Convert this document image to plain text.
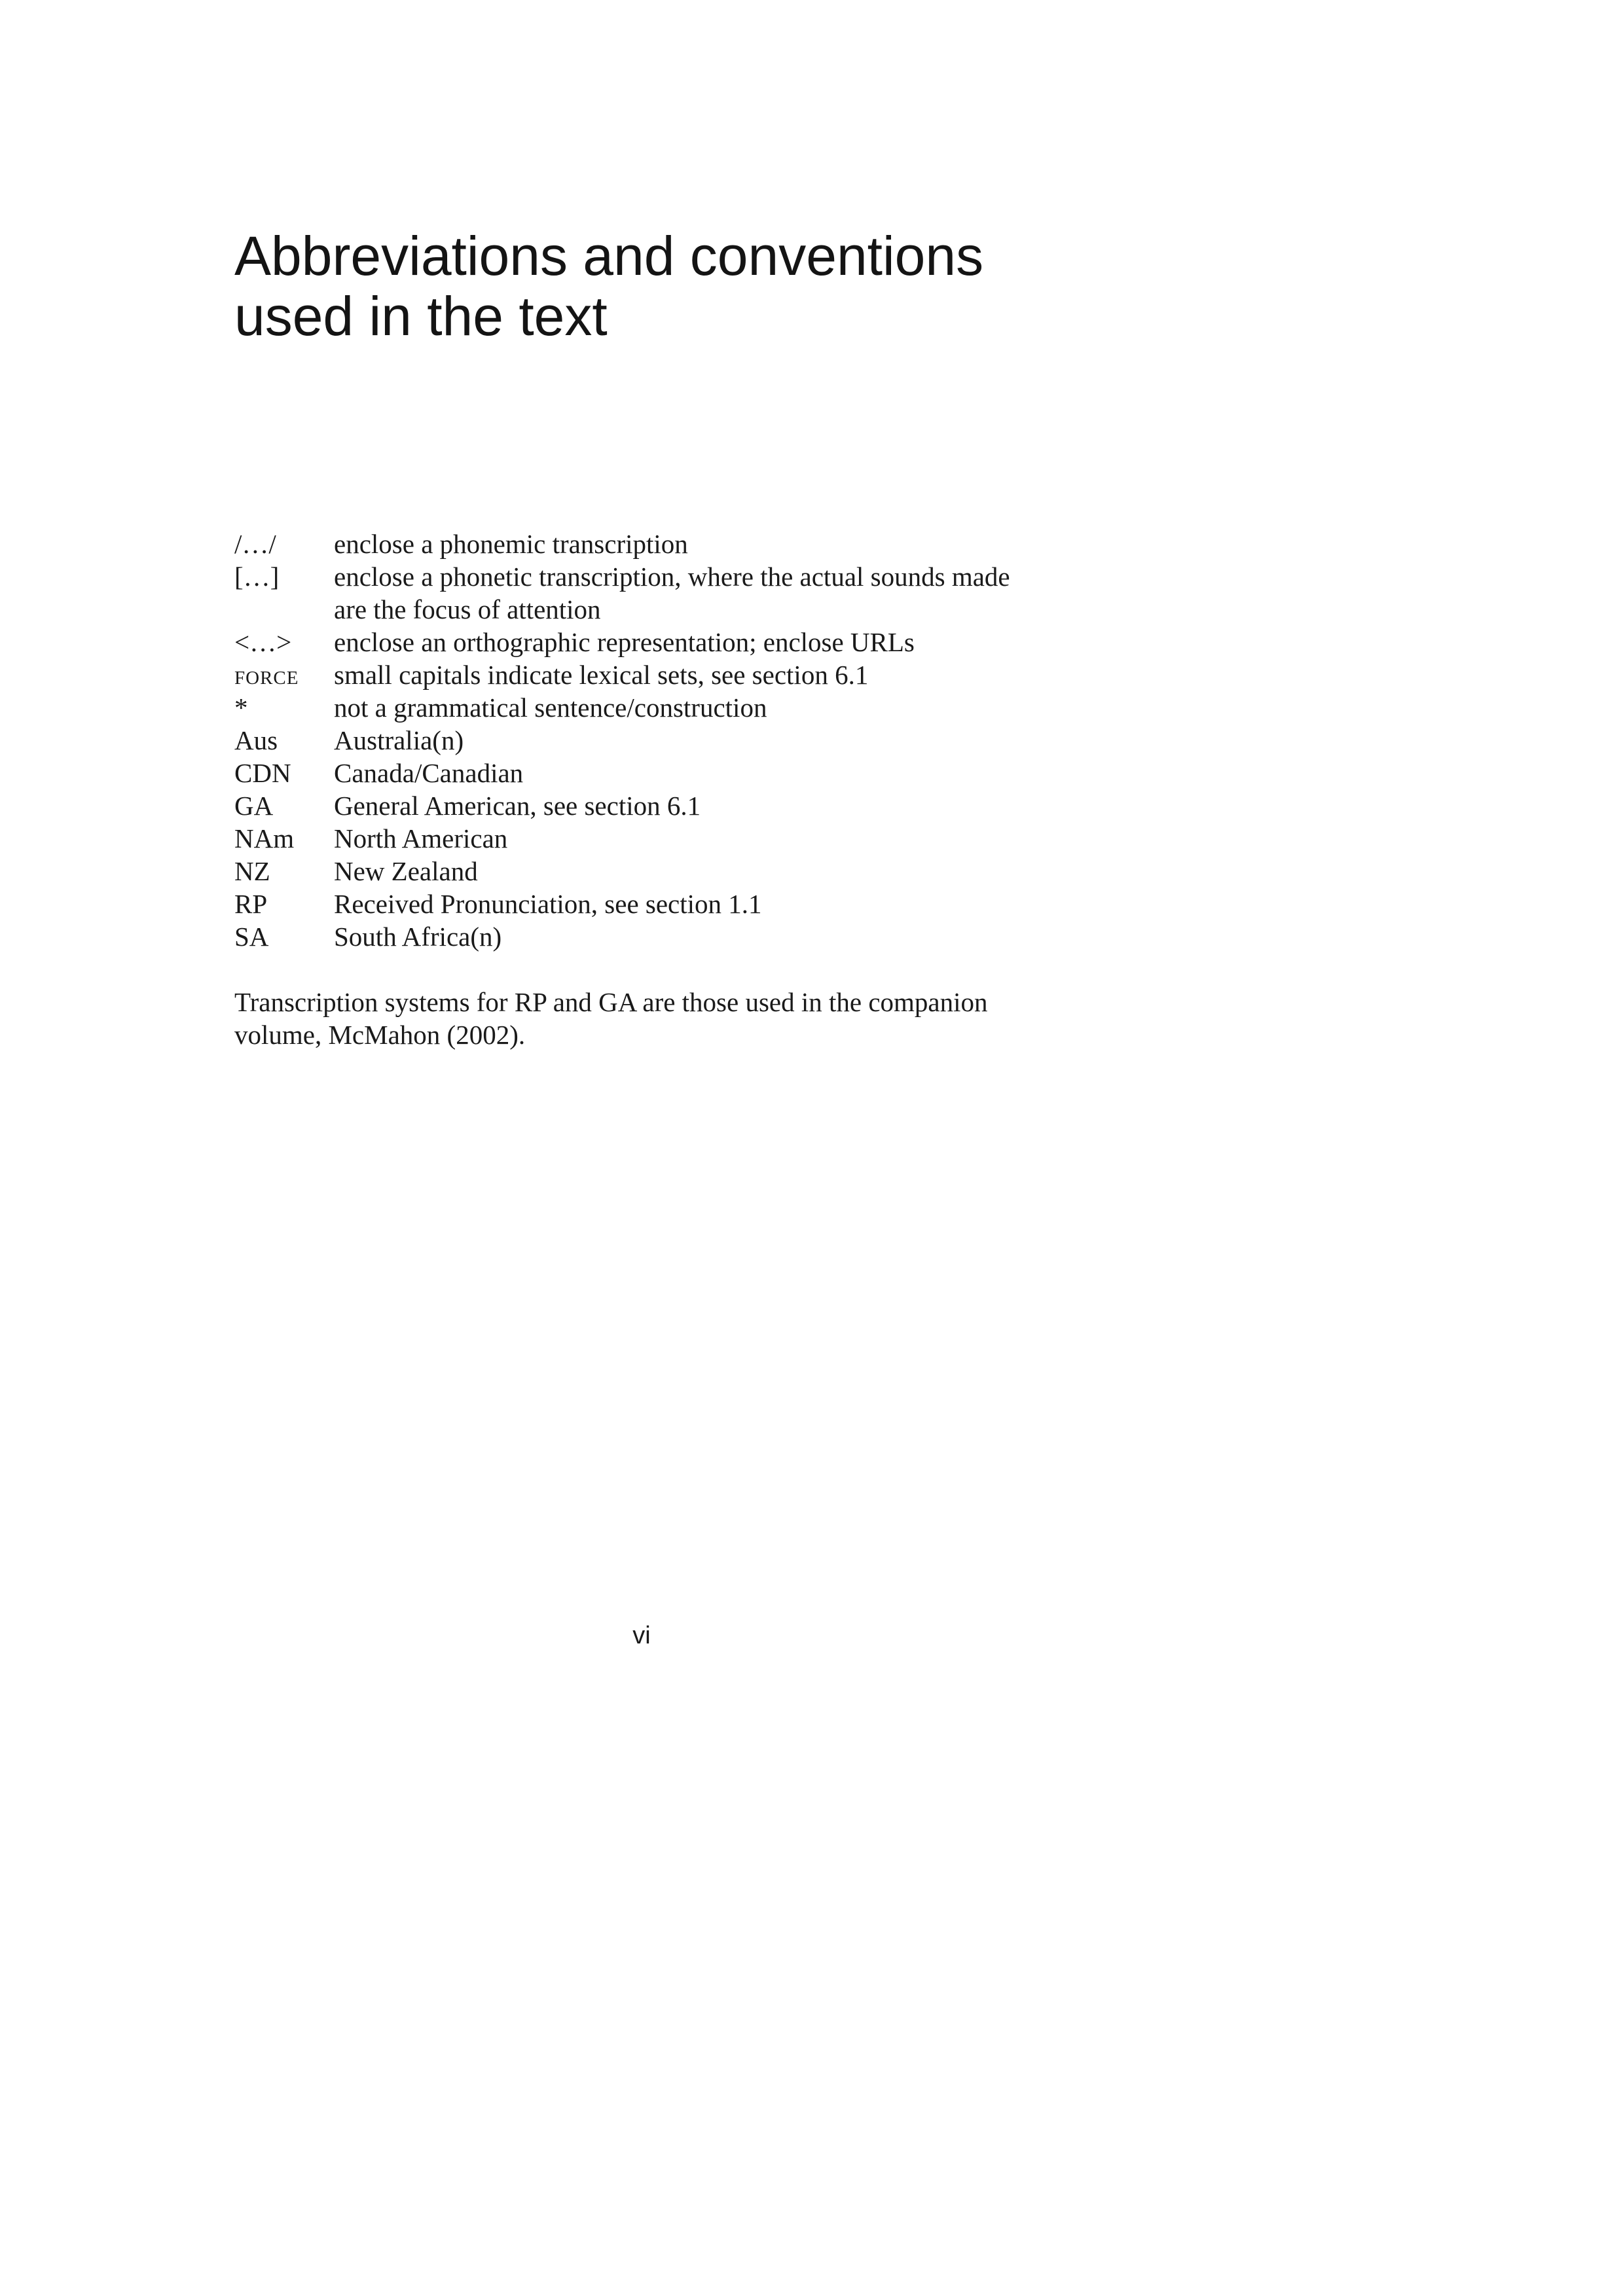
Abbreviations and conventions
used in the text
/…/	enclose a phonemic transcription
[…]	enclose a phonetic transcription, where the actual sounds made
are the focus of attention
<…>	enclose an orthographic representation; enclose URLs
force	small capitals indicate lexical sets, see section 6.1
*	not a grammatical sentence/construction
Aus	Australia(n)
CDN	Canada/Canadian
GA	General American, see section 6.1
NAm	North American
NZ	New Zealand
RP	Received Pronunciation, see section 1.1
SA	South Africa(n)

Transcription systems for RP and GA are those used in the companion
volume, McMahon (2002).

vi
